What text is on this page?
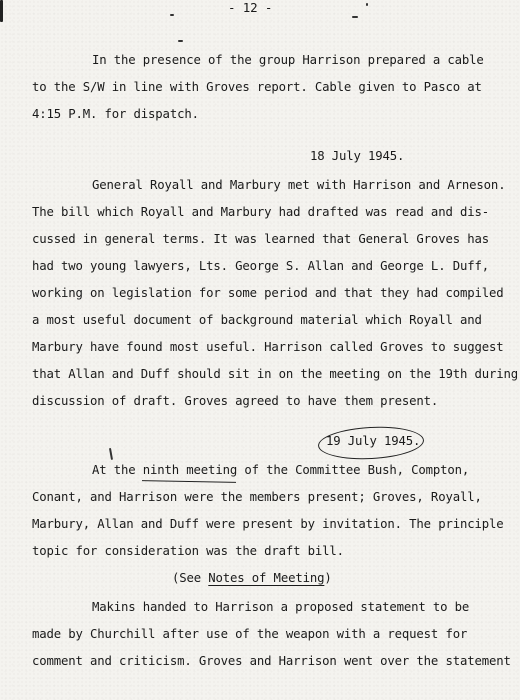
- 12 -
In the presence of the group Harrison prepared a cable
to the S/W in line with Groves report. Cable given to Pasco at
4:15 P.M. for dispatch.
18 July 1945.
General Royall and Marbury met with Harrison and Arneson.
The bill which Royall and Marbury had drafted was read and dis-
cussed in general terms. It was learned that General Groves has
had two young lawyers, Lts. George S. Allan and George L. Duff,
working on legislation for some period and that they had compiled
a most useful document of background material which Royall and
Marbury have found most useful. Harrison called Groves to suggest
that Allan and Duff should sit in on the meeting on the 19th during
discussion of draft. Groves agreed to have them present.
19 July 1945.
At the ninth meeting of the Committee Bush, Compton,
Conant, and Harrison were the members present; Groves, Royall,
Marbury, Allan and Duff were present by invitation. The principle
topic for consideration was the draft bill.
(See Notes of Meeting)
Makins handed to Harrison a proposed statement to be
made by Churchill after use of the weapon with a request for
comment and criticism. Groves and Harrison went over the statement
